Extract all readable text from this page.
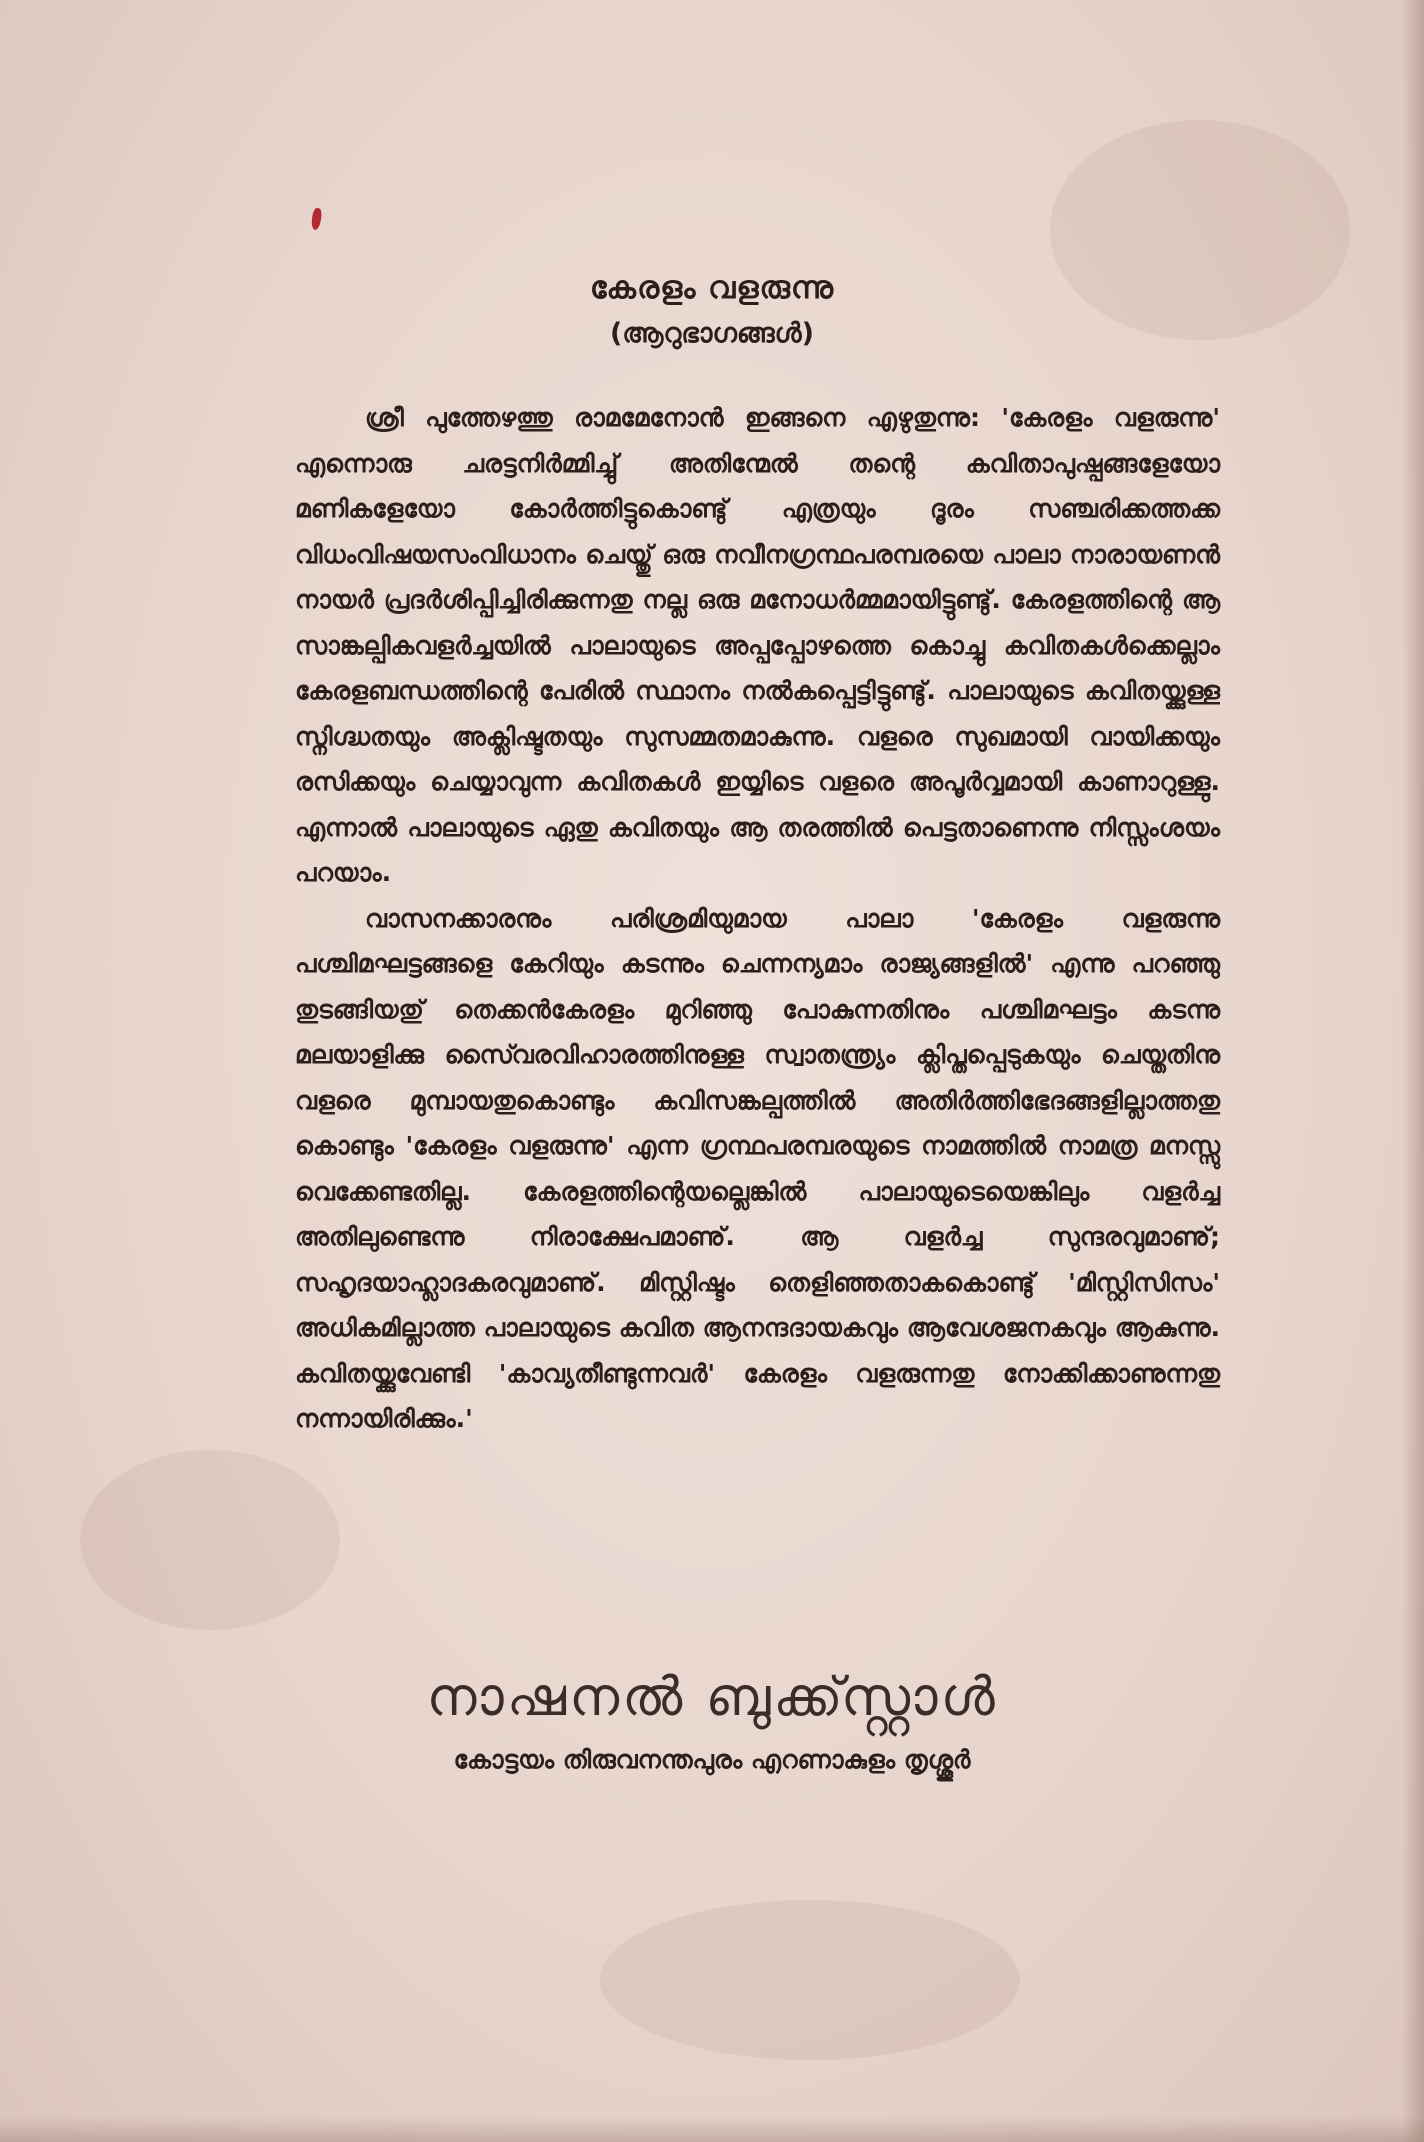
കേരളം വളരുന്നു
(ആറുഭാഗങ്ങൾ)

ശ്രീ പുത്തേഴത്തു രാമമേനോൻ ഇങ്ങനെ എഴുതുന്നു: 'കേരളം വളരുന്നു' എന്നൊരു ചരട്ടനിർമ്മിച്ചു് അതിന്മേൽ തന്റെ കവിതാപുഷ്പങ്ങളേയോ മണികളേയോ കോർത്തിട്ടുകൊണ്ടു് എത്രയും ദൂരം സഞ്ചരിക്കത്തക്ക വിധംവിഷയസംവിധാനം ചെയ്തു് ഒരു നവീനഗ്രന്ഥപരമ്പരയെ പാലാ നാരായണൻ നായർ പ്രദർശിപ്പിച്ചിരിക്കുന്നതു നല്ല ഒരു മനോധർമ്മമായിട്ടുണ്ടു്. കേരളത്തിന്റെ ആ സാങ്കല്പികവളർച്ചയിൽ പാലായുടെ അപ്പപ്പോഴത്തെ കൊച്ചു കവിതകൾക്കെല്ലാം കേരളബന്ധത്തിന്റെ പേരിൽ സ്ഥാനം നൽകപ്പെട്ടിട്ടുണ്ടു്. പാലായുടെ കവിതയ്ക്കുള്ള സ്നിഗ്ദ്ധതയും അക്ലിഷ്ടതയും സുസമ്മതമാകുന്നു. വളരെ സുഖമായി വായിക്കയും രസിക്കയും ചെയ്യാവുന്ന കവിതകൾ ഇയ്യിടെ വളരെ അപൂർവ്വമായി കാണാറുള്ളു. എന്നാൽ പാലായുടെ ഏതു കവിതയും ആ തരത്തിൽ പെട്ടതാണെന്നു നിസ്സംശയം പറയാം.

വാസനക്കാരനും പരിശ്രമിയുമായ പാലാ 'കേരളം വളരുന്നു പശ്ചിമഘട്ടങ്ങളെ കേറിയും കടന്നും ചെന്നന്യമാം രാജ്യങ്ങളിൽ' എന്നു പറഞ്ഞു തുടങ്ങിയതു് തെക്കൻകേരളം മുറിഞ്ഞു പോകുന്നതിനും പശ്ചിമഘട്ടം കടന്നു മലയാളിക്കു സൈ്വരവിഹാരത്തിനുള്ള സ്വാതന്ത്ര്യം ക്ലിപ്തപ്പെടുകയും ചെയ്തതിനു വളരെ മുമ്പായതുകൊണ്ടും കവിസങ്കല്പത്തിൽ അതിർത്തിഭേദങ്ങളില്ലാത്തതു കൊണ്ടും 'കേരളം വളരുന്നു' എന്ന ഗ്രന്ഥപരമ്പരയുടെ നാമത്തിൽ നാമത്ര മനസ്സു വെക്കേണ്ടതില്ല. കേരളത്തിന്റെയല്ലെങ്കിൽ പാലായുടെയെങ്കിലും വളർച്ച അതിലുണ്ടെന്നു നിരാക്ഷേപമാണു്. ആ വളർച്ച സുന്ദരവുമാണു്; സഹൃദയാഹ്ലാദകരവുമാണു്. മിസ്റ്റിഷ്ടം തെളിഞ്ഞതാകകൊണ്ടു് 'മിസ്റ്റിസിസം' അധികമില്ലാത്ത പാലായുടെ കവിത ആനന്ദദായകവും ആവേശജനകവും ആകുന്നു. കവിതയ്ക്കുവേണ്ടി 'കാവ്യതീണ്ടുന്നവർ' കേരളം വളരുന്നതു നോക്കിക്കാണുന്നതു നന്നായിരിക്കും.'

നാഷനൽ ബുക്ക്സ്റ്റാൾ
കോട്ടയം തിരുവനന്തപുരം എറണാകുളം തൃശ്ശൂർ
